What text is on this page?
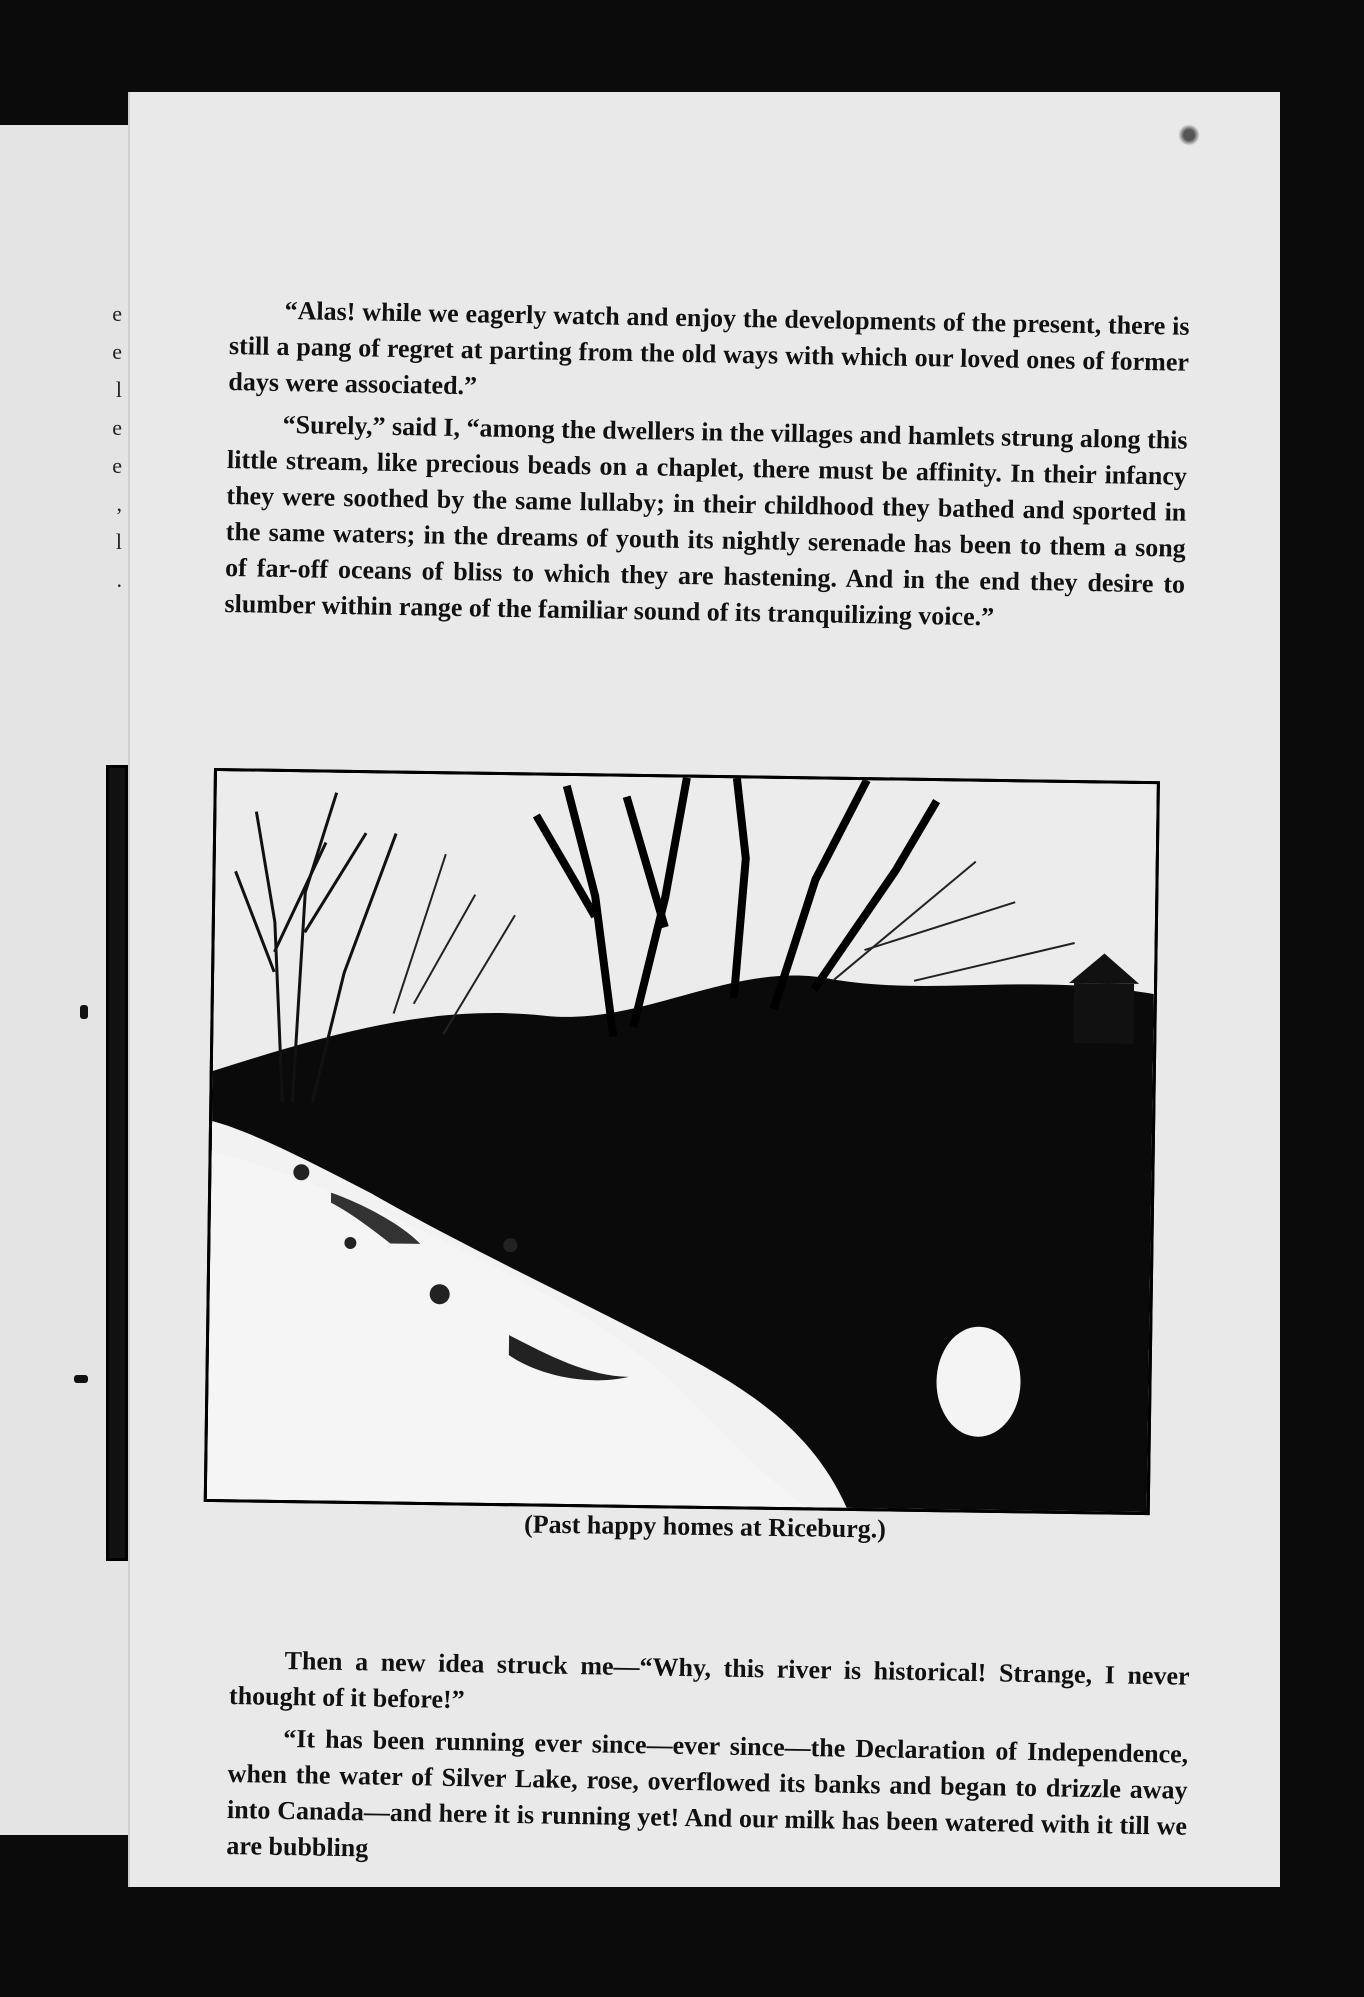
e
e
l
e
e
,
l
.

“Alas! while we eagerly watch and enjoy the developments of the present, there is still a pang of regret at parting from the old ways with which our loved ones of former days were associated.”

“Surely,” said I, “among the dwellers in the villages and hamlets strung along this little stream, like precious beads on a chaplet, there must be affinity. In their infancy they were soothed by the same lullaby; in their childhood they bathed and sported in the same waters; in the dreams of youth its nightly serenade has been to them a song of far-off oceans of bliss to which they are hastening. And in the end they desire to slumber within range of the familiar sound of its tranquilizing voice.”

(Past happy homes at Riceburg.)

Then a new idea struck me—“Why, this river is historical! Strange, I never thought of it before!”

“It has been running ever since—ever since—the Declaration of Independence, when the water of Silver Lake, rose, overflowed its banks and began to drizzle away into Canada—and here it is running yet! And our milk has been watered with it till we are bubbling
